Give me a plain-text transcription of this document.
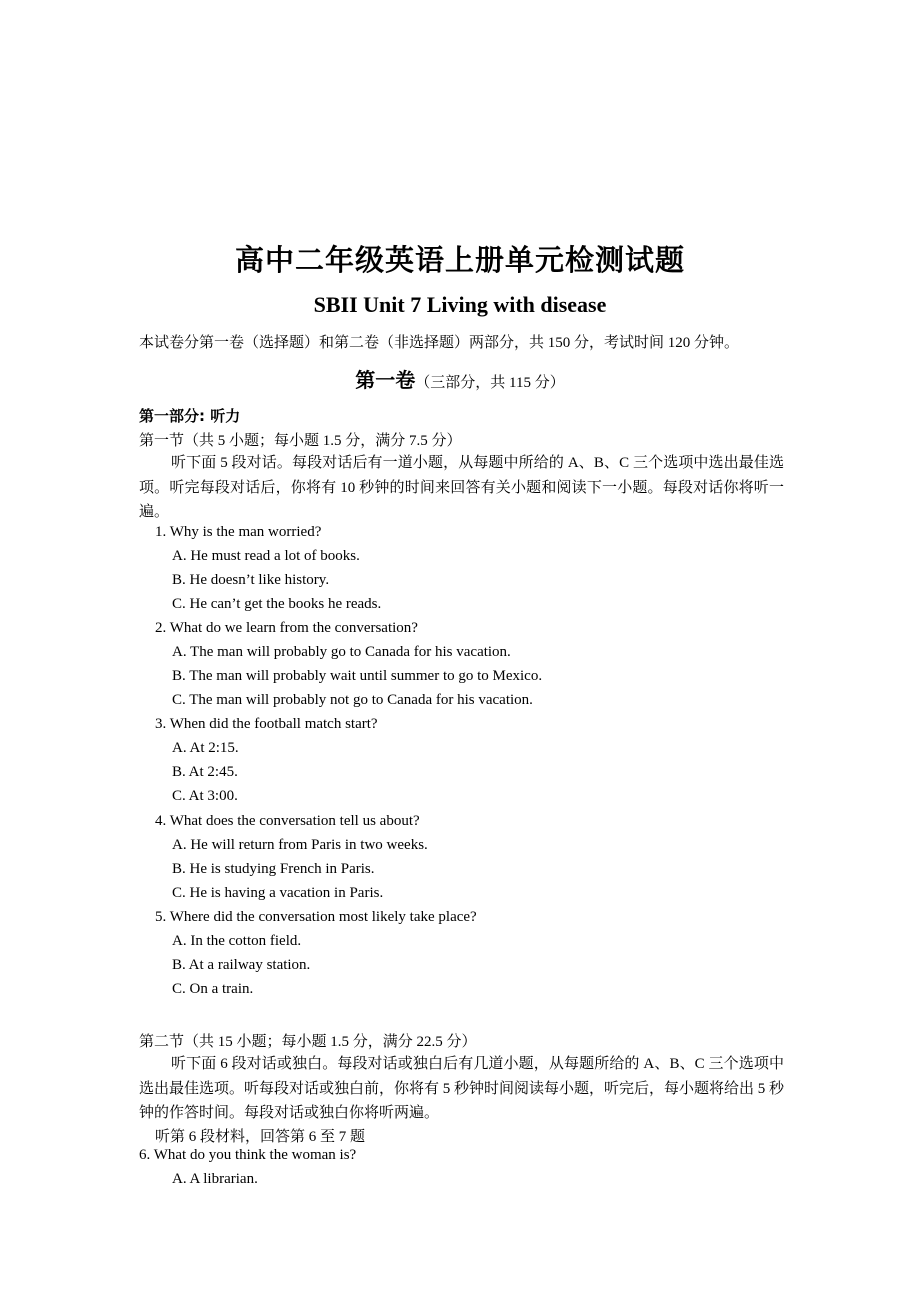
高中二年级英语上册单元检测试题
SBII Unit 7 Living with disease
本试卷分第一卷（选择题）和第二卷（非选择题）两部分，共 150 分，考试时间 120 分钟。
第一卷（三部分，共 115 分）
第一部分: 听力
第一节（共 5 小题；每小题 1.5 分，满分 7.5 分）
听下面 5 段对话。每段对话后有一道小题，从每题中所给的 A、B、C 三个选项中选出最佳选项。听完每段对话后，你将有 10 秒钟的时间来回答有关小题和阅读下一小题。每段对话你将听一遍。
1. Why is the man worried?
A. He must read a lot of books.
B. He doesn’t like history.
C. He can’t get the books he reads.
2. What do we learn from the conversation?
A. The man will probably go to Canada for his vacation.
B. The man will probably wait until summer to go to Mexico.
C. The man will probably not go to Canada for his vacation.
3. When did the football match start?
A. At 2:15.
B. At 2:45.
C. At 3:00.
4. What does the conversation tell us about?
A. He will return from Paris in two weeks.
B. He is studying French in Paris.
C. He is having a vacation in Paris.
5. Where did the conversation most likely take place?
A. In the cotton field.
B. At a railway station.
C. On a train.
第二节（共 15 小题；每小题 1.5 分，满分 22.5 分）
听下面 6 段对话或独白。每段对话或独白后有几道小题，从每题所给的 A、B、C 三个选项中选出最佳选项。听每段对话或独白前，你将有 5 秒钟时间阅读每小题，听完后，每小题将给出 5 秒钟的作答时间。每段对话或独白你将听两遍。
听第 6 段材料，回答第 6 至 7 题
6. What do you think the woman is?
A. A librarian.
